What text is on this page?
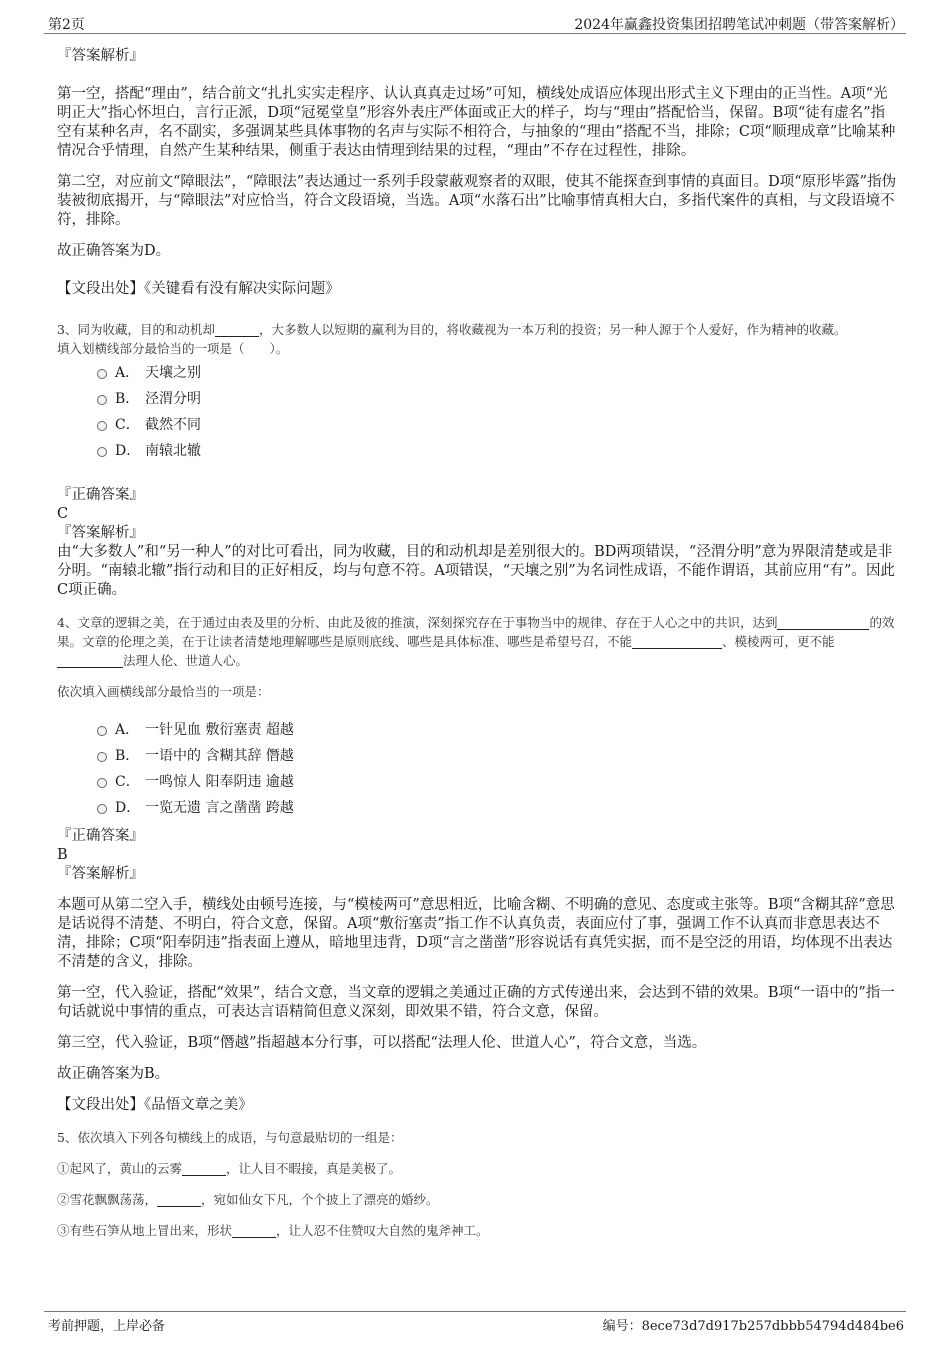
第2页	2024年赢鑫投资集团招聘笔试冲刺题（带答案解析）

『答案解析』

第一空，搭配“理由”，结合前文“扎扎实实走程序、认认真真走过场”可知，横线处成语应体现出形式主义下理由的正当性。A项“光明正大”指心怀坦白，言行正派，D项“冠冕堂皇”形容外表庄严体面或正大的样子，均与“理由”搭配恰当，保留。B项“徒有虚名”指空有某种名声，名不副实，多强调某些具体事物的名声与实际不相符合，与抽象的“理由”搭配不当，排除；C项“顺理成章”比喻某种情况合乎情理，自然产生某种结果，侧重于表达由情理到结果的过程，“理由”不存在过程性，排除。

第二空，对应前文“障眼法”，“障眼法”表达通过一系列手段蒙蔽观察者的双眼，使其不能探查到事情的真面目。D项“原形毕露”指伪装被彻底揭开，与“障眼法”对应恰当，符合文段语境，当选。A项“水落石出”比喻事情真相大白，多指代案件的真相，与文段语境不符，排除。

故正确答案为D。

【文段出处】《关键看有没有解决实际问题》

3、同为收藏，目的和动机却	，大多数人以短期的赢利为目的，将收藏视为一本万利的投资；另一种人源于个人爱好，作为精神的收藏。

填入划横线部分最恰当的一项是（　　）。

A． 天壤之别
B． 泾渭分明
C． 截然不同
D． 南辕北辙

『正确答案』

C

『答案解析』

由“大多数人”和“另一种人”的对比可看出，同为收藏，目的和动机却是差别很大的。BD两项错误，“泾渭分明”意为界限清楚或是非分明。“南辕北辙”指行动和目的正好相反，均与句意不符。A项错误，“天壤之别”为名词性成语，不能作谓语，其前应用“有”。因此C项正确。

4、文章的逻辑之美，在于通过由表及里的分析、由此及彼的推演，深刻探究存在于事物当中的规律、存在于人心之中的共识，达到	的效果。文章的伦理之美，在于让读者清楚地理解哪些是原则底线、哪些是具体标准、哪些是希望号召，不能	、模棱两可，更不能法理人伦、世道人心。

依次填入画横线部分最恰当的一项是：

A． 一针见血 敷衍塞责 超越
B． 一语中的 含糊其辞 僭越
C． 一鸣惊人 阳奉阴违 逾越
D． 一览无遗 言之凿凿 跨越

『正确答案』

B

『答案解析』

本题可从第二空入手，横线处由顿号连接，与“模棱两可”意思相近，比喻含糊、不明确的意见、态度或主张等。B项“含糊其辞”意思是话说得不清楚、不明白，符合文意，保留。A项“敷衍塞责”指工作不认真负责，表面应付了事，强调工作不认真而非意思表达不清，排除；C项“阳奉阴违”指表面上遵从，暗地里违背，D项“言之凿凿”形容说话有真凭实据，而不是空泛的用语，均体现不出表达不清楚的含义，排除。

第一空，代入验证，搭配“效果”，结合文意，当文章的逻辑之美通过正确的方式传递出来，会达到不错的效果。B项“一语中的”指一句话就说中事情的重点，可表达言语精简但意义深刻，即效果不错，符合文意，保留。

第三空，代入验证，B项“僭越”指超越本分行事，可以搭配“法理人伦、世道人心”，符合文意，当选。

故正确答案为B。

【文段出处】《品悟文章之美》

5、依次填入下列各句横线上的成语，与句意最贴切的一组是：

①起风了，黄山的云雾	，让人目不暇接，真是美极了。

②雪花飘飘荡荡，	，宛如仙女下凡，个个披上了漂亮的婚纱。

③有些石笋从地上冒出来，形状	，让人忍不住赞叹大自然的鬼斧神工。

考前押题，上岸必备	编号：8ece73d7d917b257dbbb54794d484be6
